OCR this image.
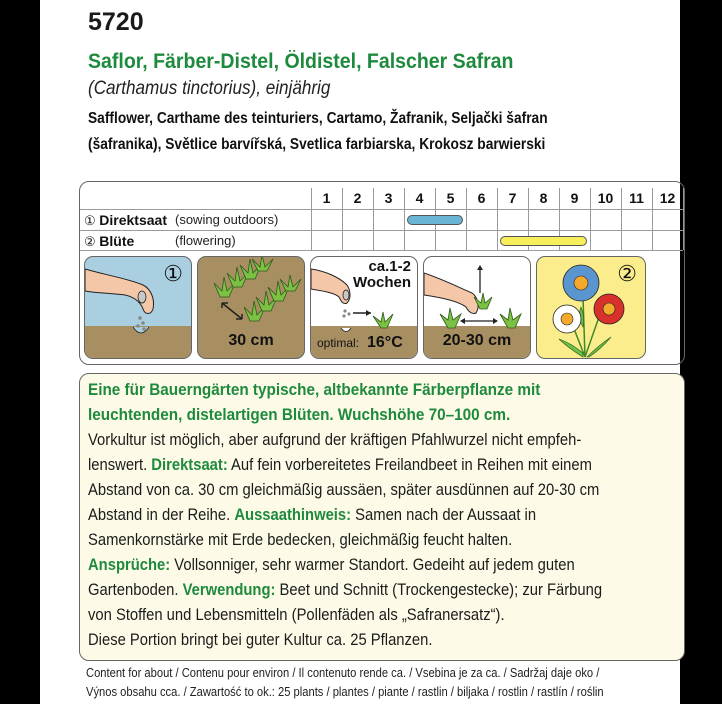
5720
Saflor, Färber-Distel, Öldistel, Falscher Safran
(Carthamus tinctorius), einjährig
Safflower, Carthame des teinturiers, Cartamo, Žafranik, Seljački šafran
(šafranika), Světlice barvířská, Svetlica farbiarska, Krokosz barwierski
1	2	3	4	5	6	7	8	9	10	11	12
① Direktsaat (sowing outdoors)
② Blüte	(flowering)
①
30 cm
ca.1-2
Wochen
optimal: 16°C	20-30 cm
②
Eine für Bauerngärten typische, altbekannte Färberpflanze mit
leuchtenden, distelartigen Blüten. Wuchshöhe 70–100 cm.
Vorkultur ist möglich, aber aufgrund der kräftigen Pfahlwurzel nicht empfeh-
lenswert. Direktsaat: Auf fein vorbereitetes Freilandbeet in Reihen mit einem
Abstand von ca. 30 cm gleichmäßig aussäen, später ausdünnen auf 20-30 cm
Abstand in der Reihe. Aussaathinweis: Samen nach der Aussaat in
Samenkornstärke mit Erde bedecken, gleichmäßig feucht halten.
Ansprüche: Vollsonniger, sehr warmer Standort. Gedeiht auf jedem guten
Gartenboden. Verwendung: Beet und Schnitt (Trockengestecke); zur Färbung
von Stoffen und Lebensmitteln (Pollenfäden als „Safranersatz“).
Diese Portion bringt bei guter Kultur ca. 25 Pflanzen.
Content for about / Contenu pour environ / Il contenuto rende ca. / Vsebina je za ca. / Sadržaj daje oko /
Výnos obsahu cca. / Zawartość to ok.: 25 plants / plantes / piante / rastlin / biljaka / rostlin / rastlín / roślin
